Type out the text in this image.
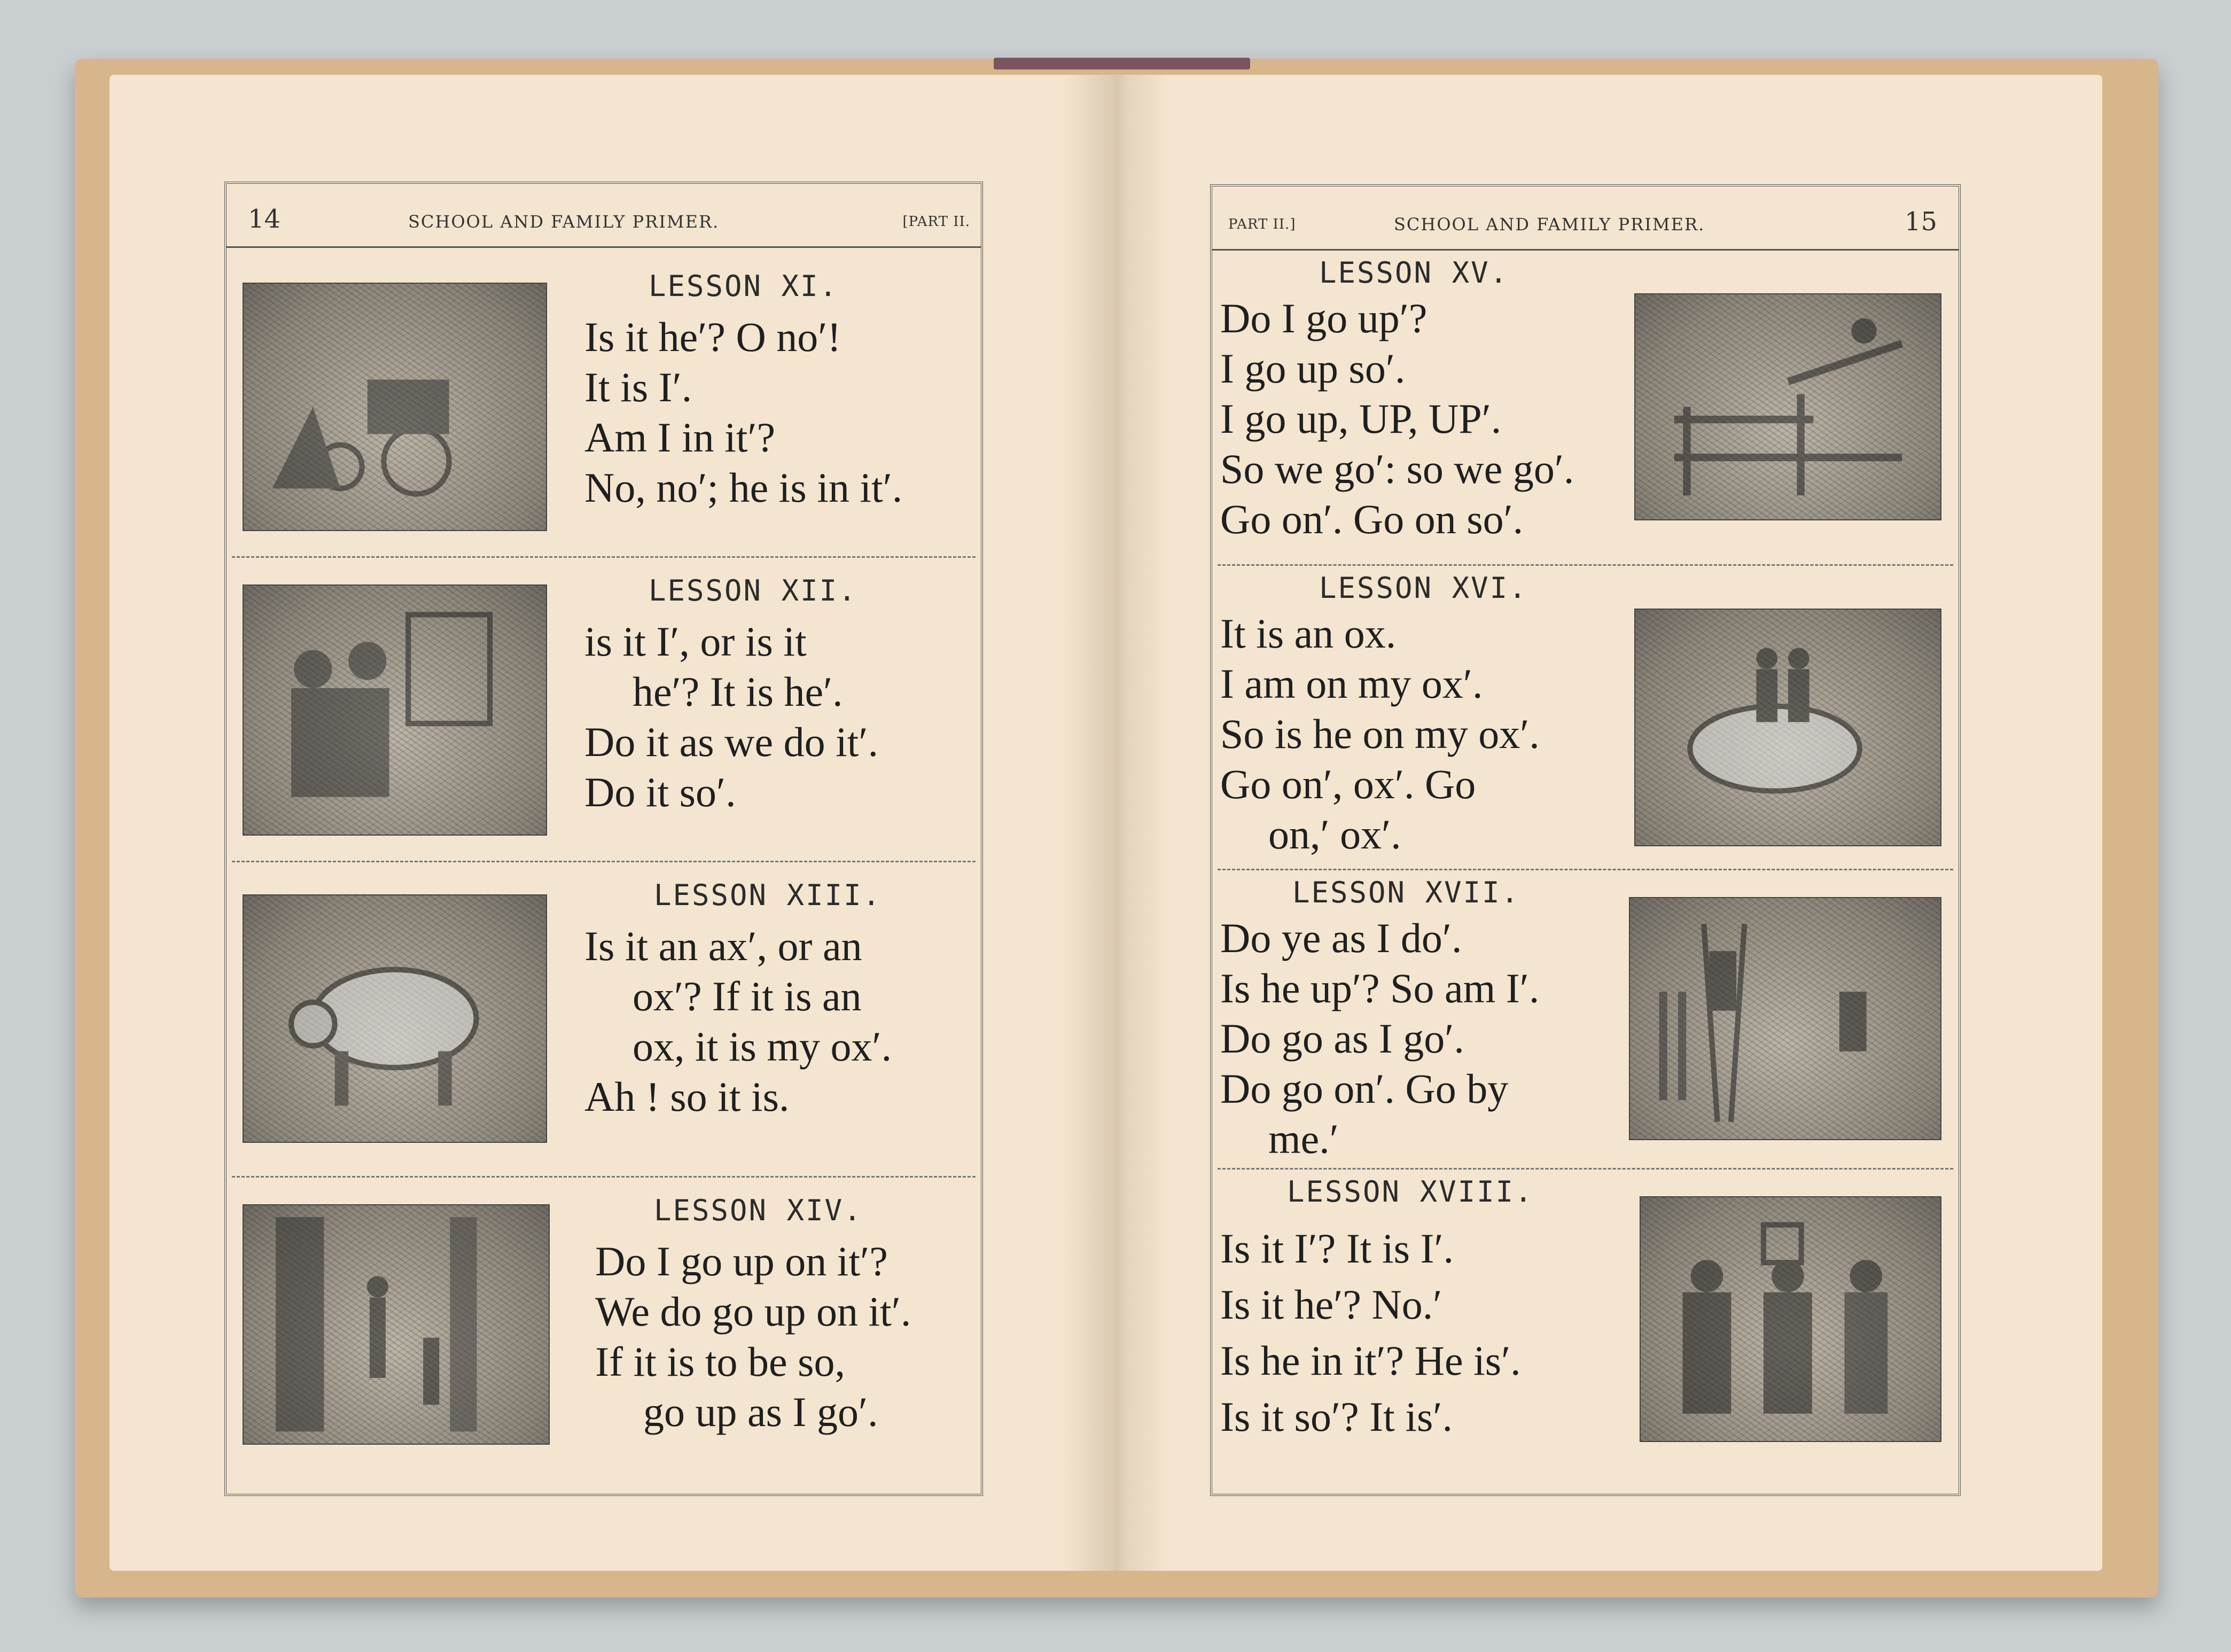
14	SCHOOL AND FAMILY PRIMER.	[PART II.
LESSON XI.
Is it he′? O no′!
It is I′.
Am I in it′?
No, no′; he is in it′.
LESSON XII.
is it I′, or is it
he′? It is he′.
Do it as we do it′.
Do it so′.
LESSON XIII.
Is it an ax′, or an
ox′? If it is an
ox, it is my ox′.
Ah ! so it is.
LESSON XIV.
Do I go up on it′?
We do go up on it′.
If it is to be so,
go up as I go′.
PART II.]	SCHOOL AND FAMILY PRIMER.	15
LESSON XV.
Do I go up′?
I go up so′.
I go up, UP, UP′.
So we go′: so we go′.
Go on′. Go on so′.
LESSON XVI.
It is an ox.
I am on my ox′.
So is he on my ox′.
Go on′, ox′. Go
on,′ ox′.
LESSON XVII.
Do ye as I do′.
Is he up′? So am I′.
Do go as I go′.
Do go on′. Go by
me.′
LESSON XVIII.
Is it I′? It is I′.
Is it he′? No.′
Is he in it′? He is′.
Is it so′? It is′.
